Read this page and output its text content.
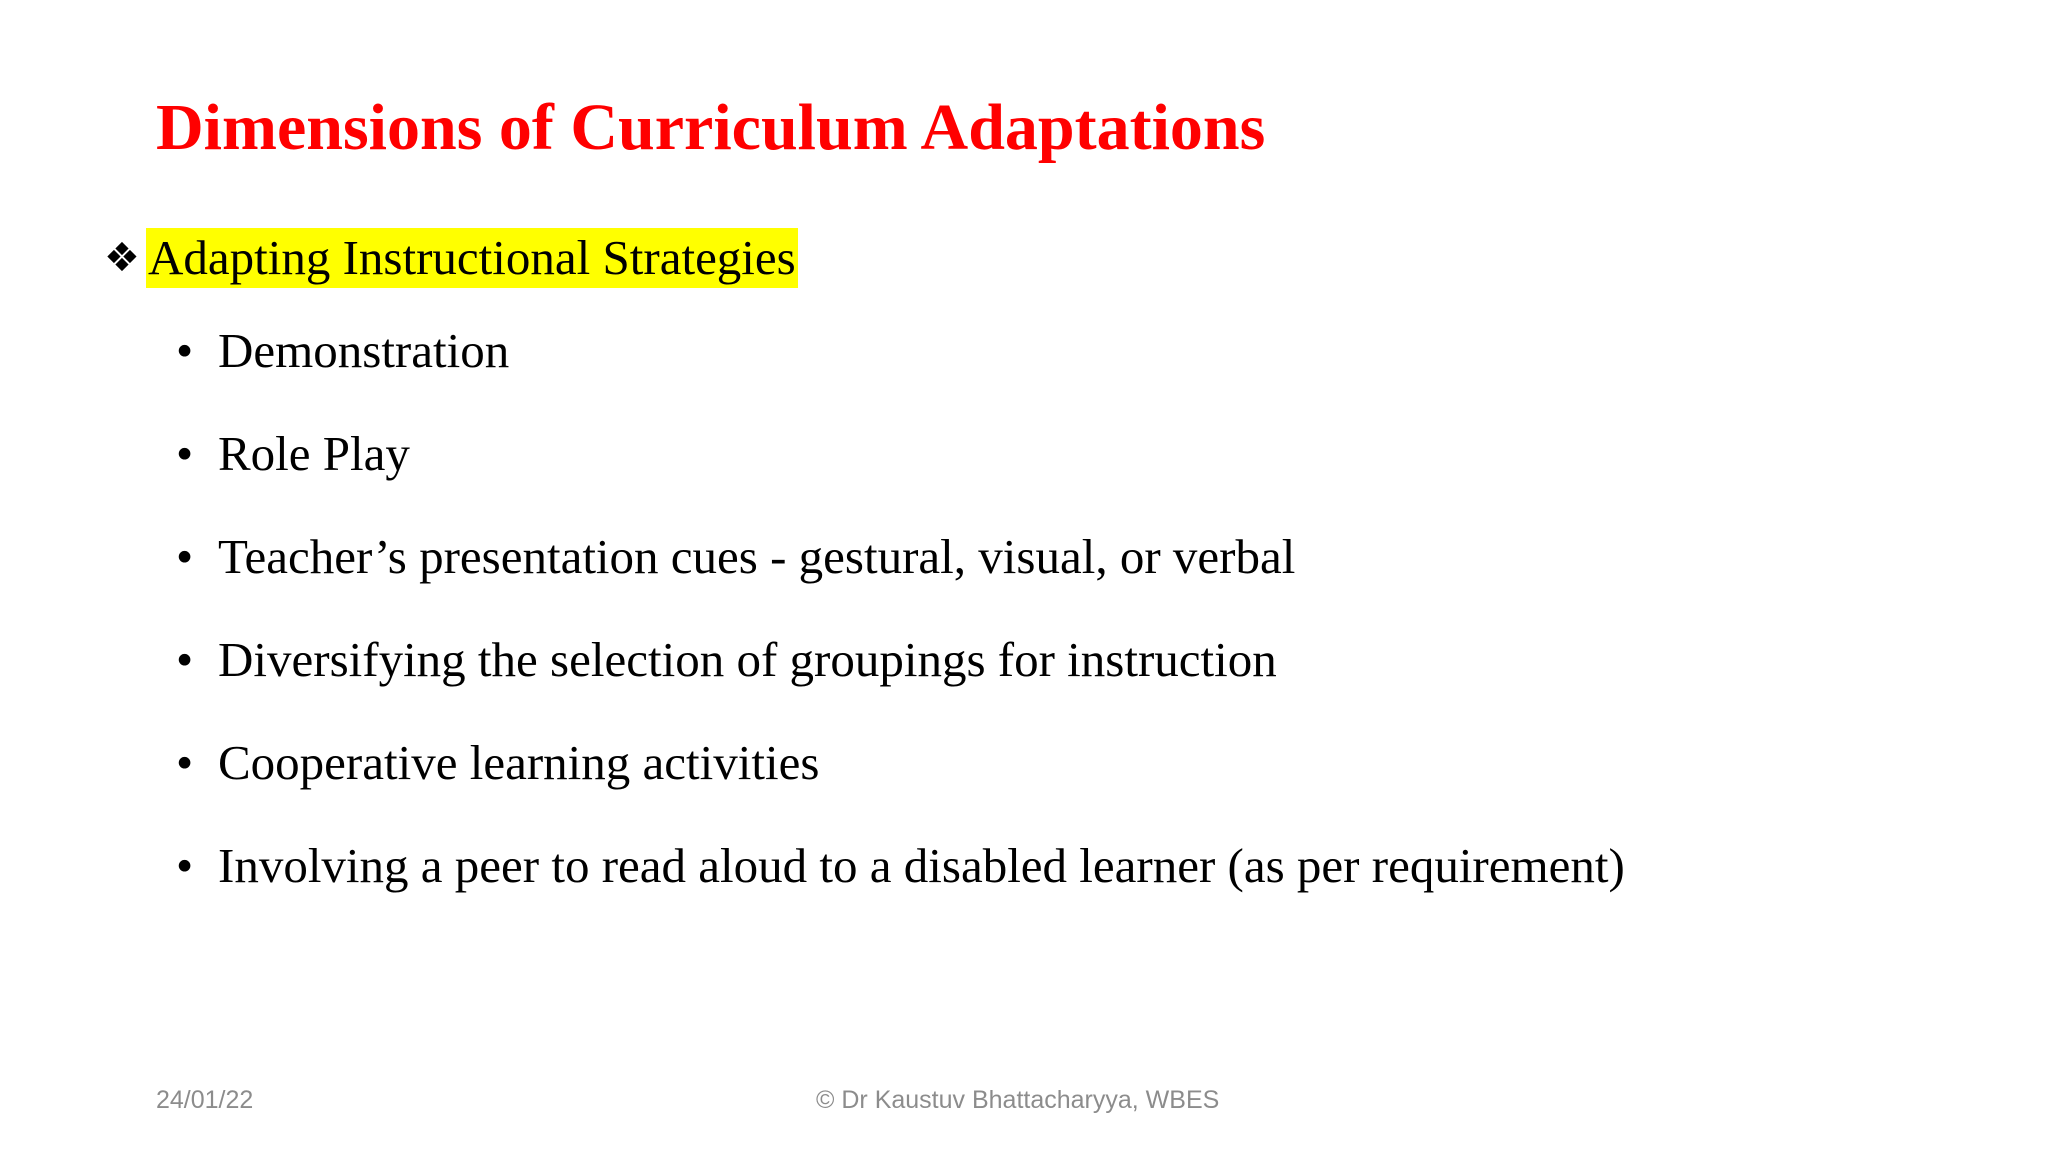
Dimensions of Curriculum Adaptations
❖ Adapting Instructional Strategies
• Demonstration
• Role Play
• Teacher’s presentation cues - gestural, visual, or verbal
• Diversifying the selection of groupings for instruction
• Cooperative learning activities
• Involving a peer to read aloud to a disabled learner (as per requirement)
24/01/22	© Dr Kaustuv Bhattacharyya, WBES
